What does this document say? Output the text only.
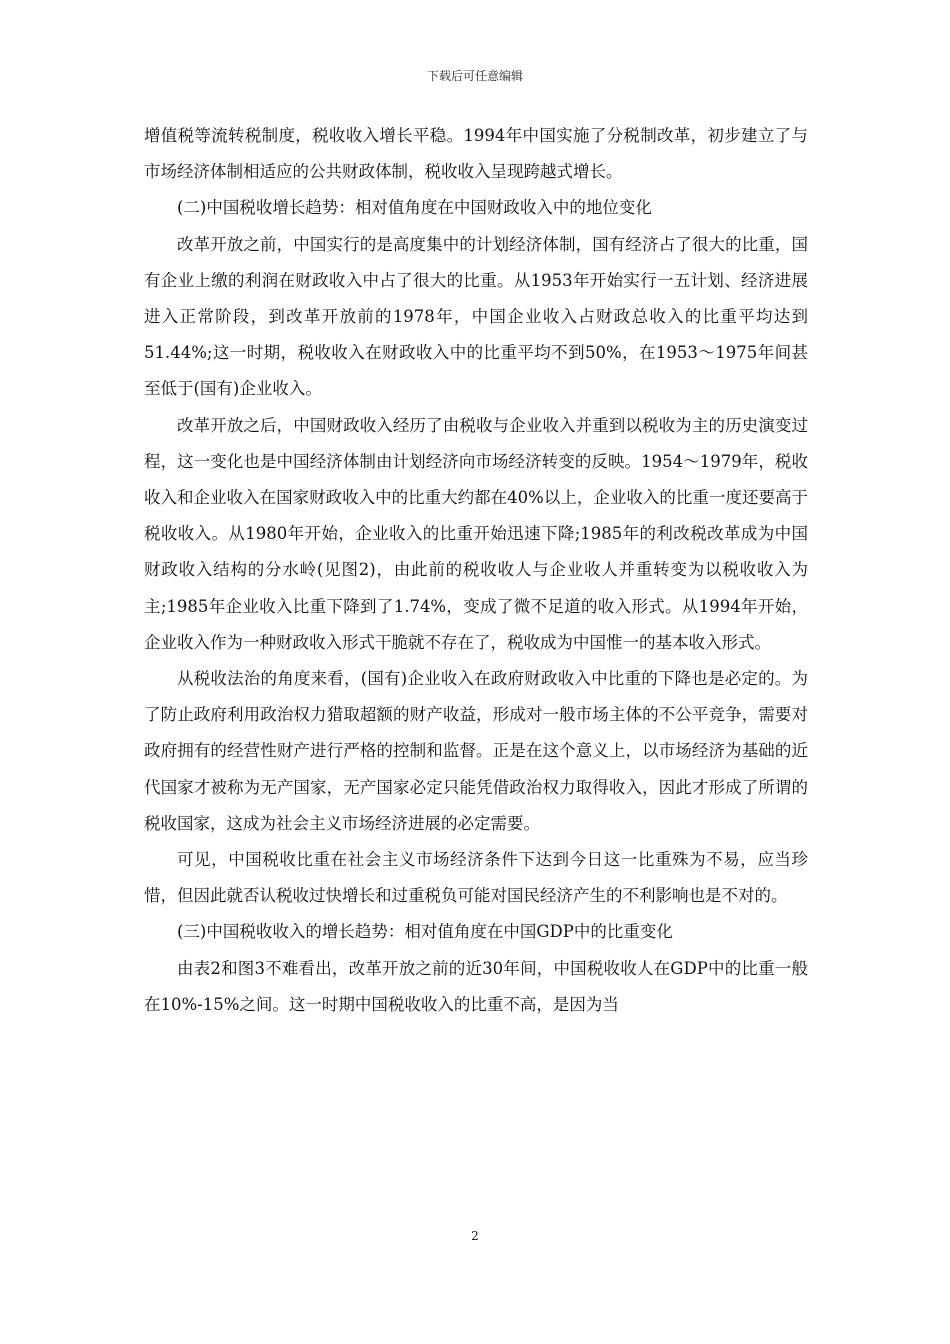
下载后可任意编辑

增值税等流转税制度，税收收入增长平稳。1994年中国实施了分税制改革，初步建立了与市场经济体制相适应的公共财政体制，税收收入呈现跨越式增长。

(二)中国税收增长趋势：相对值角度在中国财政收入中的地位变化

改革开放之前，中国实行的是高度集中的计划经济体制，国有经济占了很大的比重，国有企业上缴的利润在财政收入中占了很大的比重。从1953年开始实行一五计划、经济进展进入正常阶段，到改革开放前的1978年，中国企业收入占财政总收入的比重平均达到51.44%;这一时期，税收收入在财政收入中的比重平均不到50%，在1953～1975年间甚至低于(国有)企业收入。

改革开放之后，中国财政收入经历了由税收与企业收入并重到以税收为主的历史演变过程，这一变化也是中国经济体制由计划经济向市场经济转变的反映。1954～1979年，税收收入和企业收入在国家财政收入中的比重大约都在40%以上，企业收入的比重一度还要高于税收收入。从1980年开始，企业收入的比重开始迅速下降;1985年的利改税改革成为中国财政收入结构的分水岭(见图2)，由此前的税收收人与企业收人并重转变为以税收收入为主;1985年企业收入比重下降到了1.74%，变成了微不足道的收入形式。从1994年开始，企业收入作为一种财政收入形式干脆就不存在了，税收成为中国惟一的基本收入形式。

从税收法治的角度来看，(国有)企业收入在政府财政收入中比重的下降也是必定的。为了防止政府利用政治权力猎取超额的财产收益，形成对一般市场主体的不公平竞争，需要对政府拥有的经营性财产进行严格的控制和监督。正是在这个意义上，以市场经济为基础的近代国家才被称为无产国家，无产国家必定只能凭借政治权力取得收入，因此才形成了所谓的税收国家，这成为社会主义市场经济进展的必定需要。

可见，中国税收比重在社会主义市场经济条件下达到今日这一比重殊为不易，应当珍惜，但因此就否认税收过快增长和过重税负可能对国民经济产生的不利影响也是不对的。

(三)中国税收收入的增长趋势：相对值角度在中国GDP中的比重变化

由表2和图3不难看出，改革开放之前的近30年间，中国税收收人在GDP中的比重一般在10%-15%之间。这一时期中国税收收入的比重不高，是因为当

2
